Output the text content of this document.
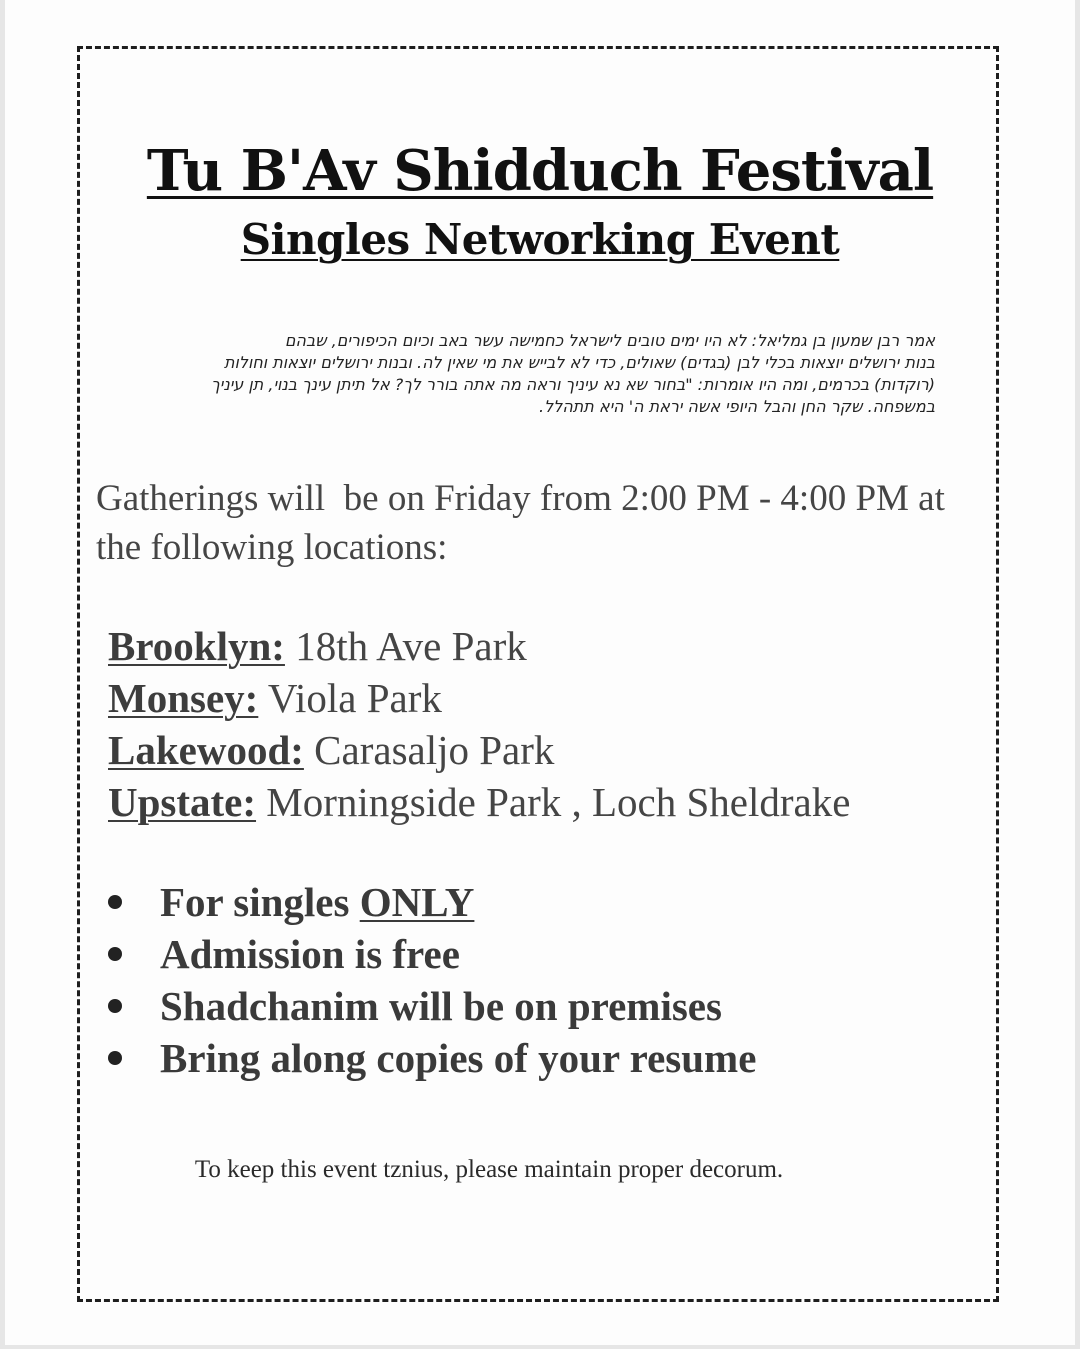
Tu B'Av Shidduch Festival
Singles Networking Event
אמר רבן שמעון בן גמליאל: לא היו ימים טובים לישראל כחמישה עשר באב וכיום הכיפורים, שבהם
בנות ירושלים יוצאות בכלי לבן (בגדים) שאולים, כדי לא לבייש את מי שאין לה. ובנות ירושלים יוצאות וחולות
(רוקדות) בכרמים, ומה היו אומרות: "בחור שא נא עיניך וראה מה אתה בורר לך? אל תיתן עינך בנוי, תן עיניך
במשפחה. שקר החן והבל היופי אשה יראת ה' היא תתהלל.
Gatherings will  be on Friday from 2:00 PM - 4:00 PM at
the following locations:
Brooklyn: 18th Ave Park
Monsey: Viola Park
Lakewood: Carasaljo Park
Upstate: Morningside Park , Loch Sheldrake
For singles ONLY
Admission is free
Shadchanim will be on premises
Bring along copies of your resume
To keep this event tznius, please maintain proper decorum.
